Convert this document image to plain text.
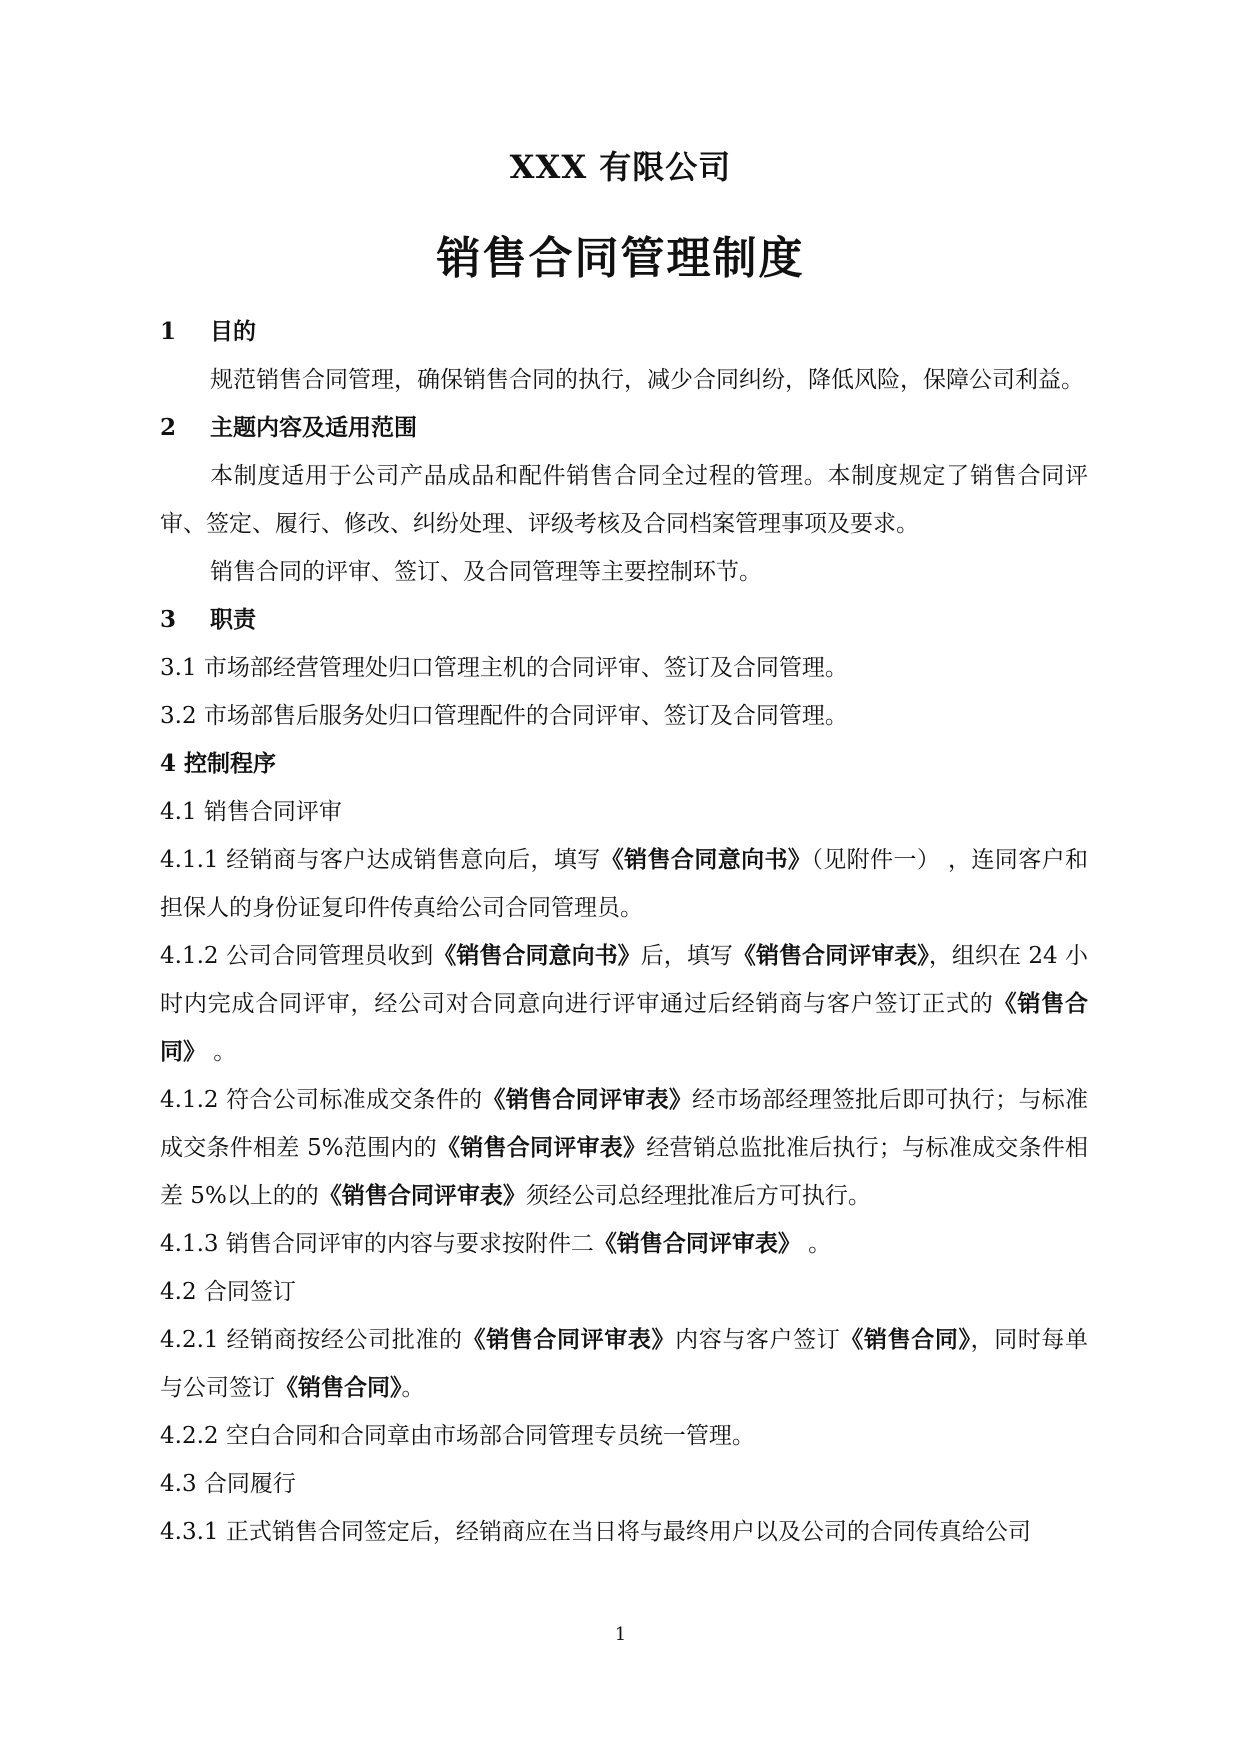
XXX 有限公司
销售合同管理制度

1 目的

规范销售合同管理，确保销售合同的执行，减少合同纠纷，降低风险，保障公司利益。

2 主题内容及适用范围

本制度适用于公司产品成品和配件销售合同全过程的管理。本制度规定了销售合同评审、签定、履行、修改、纠纷处理、评级考核及合同档案管理事项及要求。

销售合同的评审、签订、及合同管理等主要控制环节。

3 职责

3.1 市场部经营管理处归口管理主机的合同评审、签订及合同管理。

3.2 市场部售后服务处归口管理配件的合同评审、签订及合同管理。

4 控制程序

4.1 销售合同评审

4.1.1 经销商与客户达成销售意向后，填写《销售合同意向书》（见附件一） ，连同客户和担保人的身份证复印件传真给公司合同管理员。

4.1.2 公司合同管理员收到《销售合同意向书》后，填写《销售合同评审表》，组织在 24 小时内完成合同评审，经公司对合同意向进行评审通过后经销商与客户签订正式的《销售合同》 。

4.1.2 符合公司标准成交条件的《销售合同评审表》经市场部经理签批后即可执行；与标准成交条件相差 5%范围内的《销售合同评审表》经营销总监批准后执行；与标准成交条件相差 5%以上的的《销售合同评审表》须经公司总经理批准后方可执行。

4.1.3 销售合同评审的内容与要求按附件二《销售合同评审表》 。

4.2 合同签订

4.2.1 经销商按经公司批准的《销售合同评审表》内容与客户签订《销售合同》，同时每单与公司签订《销售合同》。

4.2.2 空白合同和合同章由市场部合同管理专员统一管理。

4.3 合同履行

4.3.1 正式销售合同签定后，经销商应在当日将与最终用户以及公司的合同传真给公司

1
